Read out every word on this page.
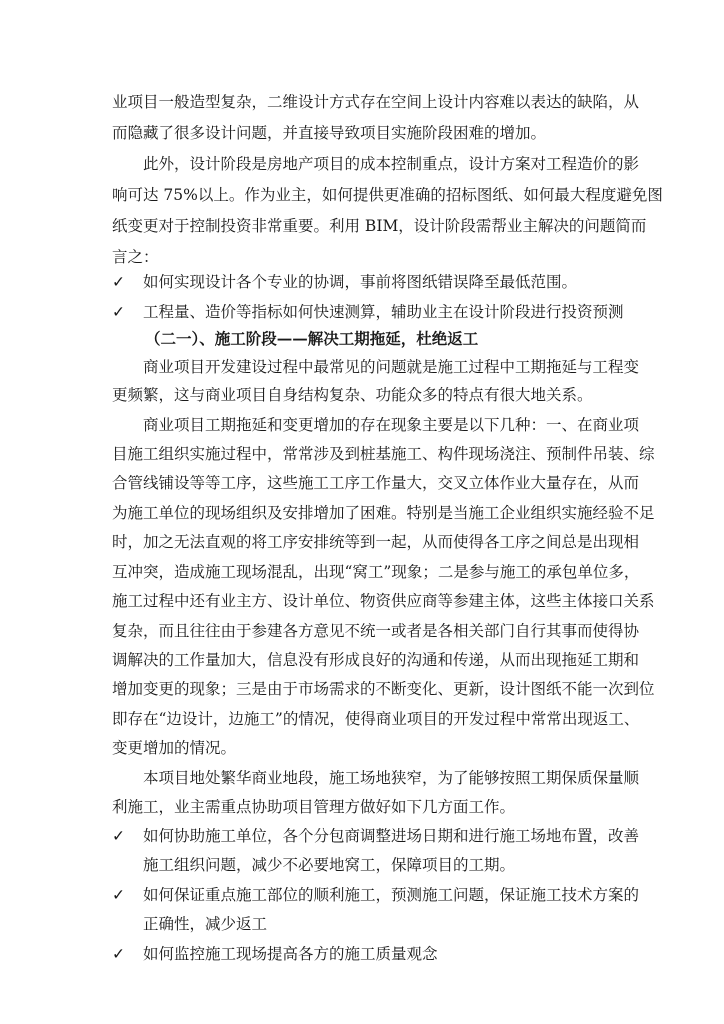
业项目一般造型复杂，二维设计方式存在空间上设计内容难以表达的缺陷，从
而隐藏了很多设计问题，并直接导致项目实施阶段困难的增加。
此外，设计阶段是房地产项目的成本控制重点，设计方案对工程造价的影
响可达 75%以上。作为业主，如何提供更准确的招标图纸、如何最大程度避免图
纸变更对于控制投资非常重要。利用 BIM，设计阶段需帮业主解决的问题简而
言之：
✓ 如何实现设计各个专业的协调，事前将图纸错误降至最低范围。
✓ 工程量、造价等指标如何快速测算，辅助业主在设计阶段进行投资预测
（二一）、施工阶段——解决工期拖延，杜绝返工
商业项目开发建设过程中最常见的问题就是施工过程中工期拖延与工程变
更频繁，这与商业项目自身结构复杂、功能众多的特点有很大地关系。
商业项目工期拖延和变更增加的存在现象主要是以下几种：一、在商业项
目施工组织实施过程中，常常涉及到桩基施工、构件现场浇注、预制件吊装、综
合管线铺设等等工序，这些施工工序工作量大，交叉立体作业大量存在，从而
为施工单位的现场组织及安排增加了困难。特别是当施工企业组织实施经验不足
时，加之无法直观的将工序安排统等到一起，从而使得各工序之间总是出现相
互冲突，造成施工现场混乱，出现“窝工”现象；二是参与施工的承包单位多，
施工过程中还有业主方、设计单位、物资供应商等参建主体，这些主体接口关系
复杂，而且往往由于参建各方意见不统一或者是各相关部门自行其事而使得协
调解决的工作量加大，信息没有形成良好的沟通和传递，从而出现拖延工期和
增加变更的现象；三是由于市场需求的不断变化、更新，设计图纸不能一次到位
即存在“边设计，边施工”的情况，使得商业项目的开发过程中常常出现返工、
变更增加的情况。
本项目地处繁华商业地段，施工场地狭窄，为了能够按照工期保质保量顺
利施工，业主需重点协助项目管理方做好如下几方面工作。
✓ 如何协助施工单位，各个分包商调整进场日期和进行施工场地布置，改善
施工组织问题，减少不必要地窝工，保障项目的工期。
✓ 如何保证重点施工部位的顺利施工，预测施工问题，保证施工技术方案的
正确性，减少返工
✓ 如何监控施工现场提高各方的施工质量观念
